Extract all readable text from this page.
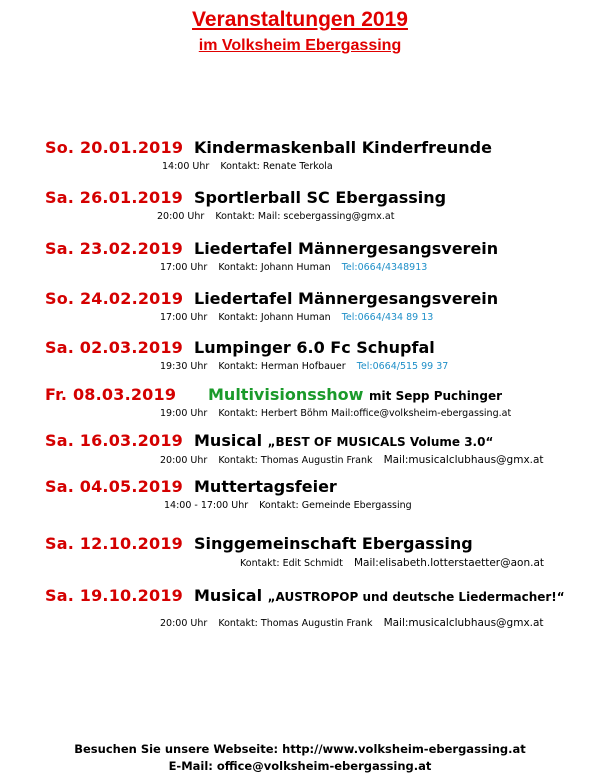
Veranstaltungen 2019
im Volksheim Ebergassing
So. 20.01.2019 Kindermaskenball Kinderfreunde
14:00 Uhr Kontakt: Renate Terkola
Sa. 26.01.2019 Sportlerball SC Ebergassing
20:00 Uhr Kontakt: Mail: scebergassing@gmx.at
Sa. 23.02.2019 Liedertafel Männergesangsverein
17:00 Uhr Kontakt: Johann Human Tel:0664/4348913
So. 24.02.2019 Liedertafel Männergesangsverein
17:00 Uhr Kontakt: Johann Human Tel:0664/434 89 13
Sa. 02.03.2019 Lumpinger 6.0 Fc Schupfal
19:30 Uhr Kontakt: Herman Hofbauer Tel:0664/515 99 37
Fr. 08.03.2019 Multivisionsshow mit Sepp Puchinger
19:00 Uhr Kontakt: Herbert Böhm Mail:office@volksheim-ebergassing.at
Sa. 16.03.2019 Musical „BEST OF MUSICALS Volume 3.0“
20:00 Uhr Kontakt: Thomas Augustin Frank Mail:musicalclubhaus@gmx.at
Sa. 04.05.2019 Muttertagsfeier
14:00 - 17:00 Uhr Kontakt: Gemeinde Ebergassing
Sa. 12.10.2019 Singgemeinschaft Ebergassing
Kontakt: Edit Schmidt Mail:elisabeth.lotterstaetter@aon.at
Sa. 19.10.2019 Musical „AUSTROPOP und deutsche Liedermacher!“
20:00 Uhr Kontakt: Thomas Augustin Frank Mail:musicalclubhaus@gmx.at
Besuchen Sie unsere Webseite: http://www.volksheim-ebergassing.at
E-Mail: office@volksheim-ebergassing.at
